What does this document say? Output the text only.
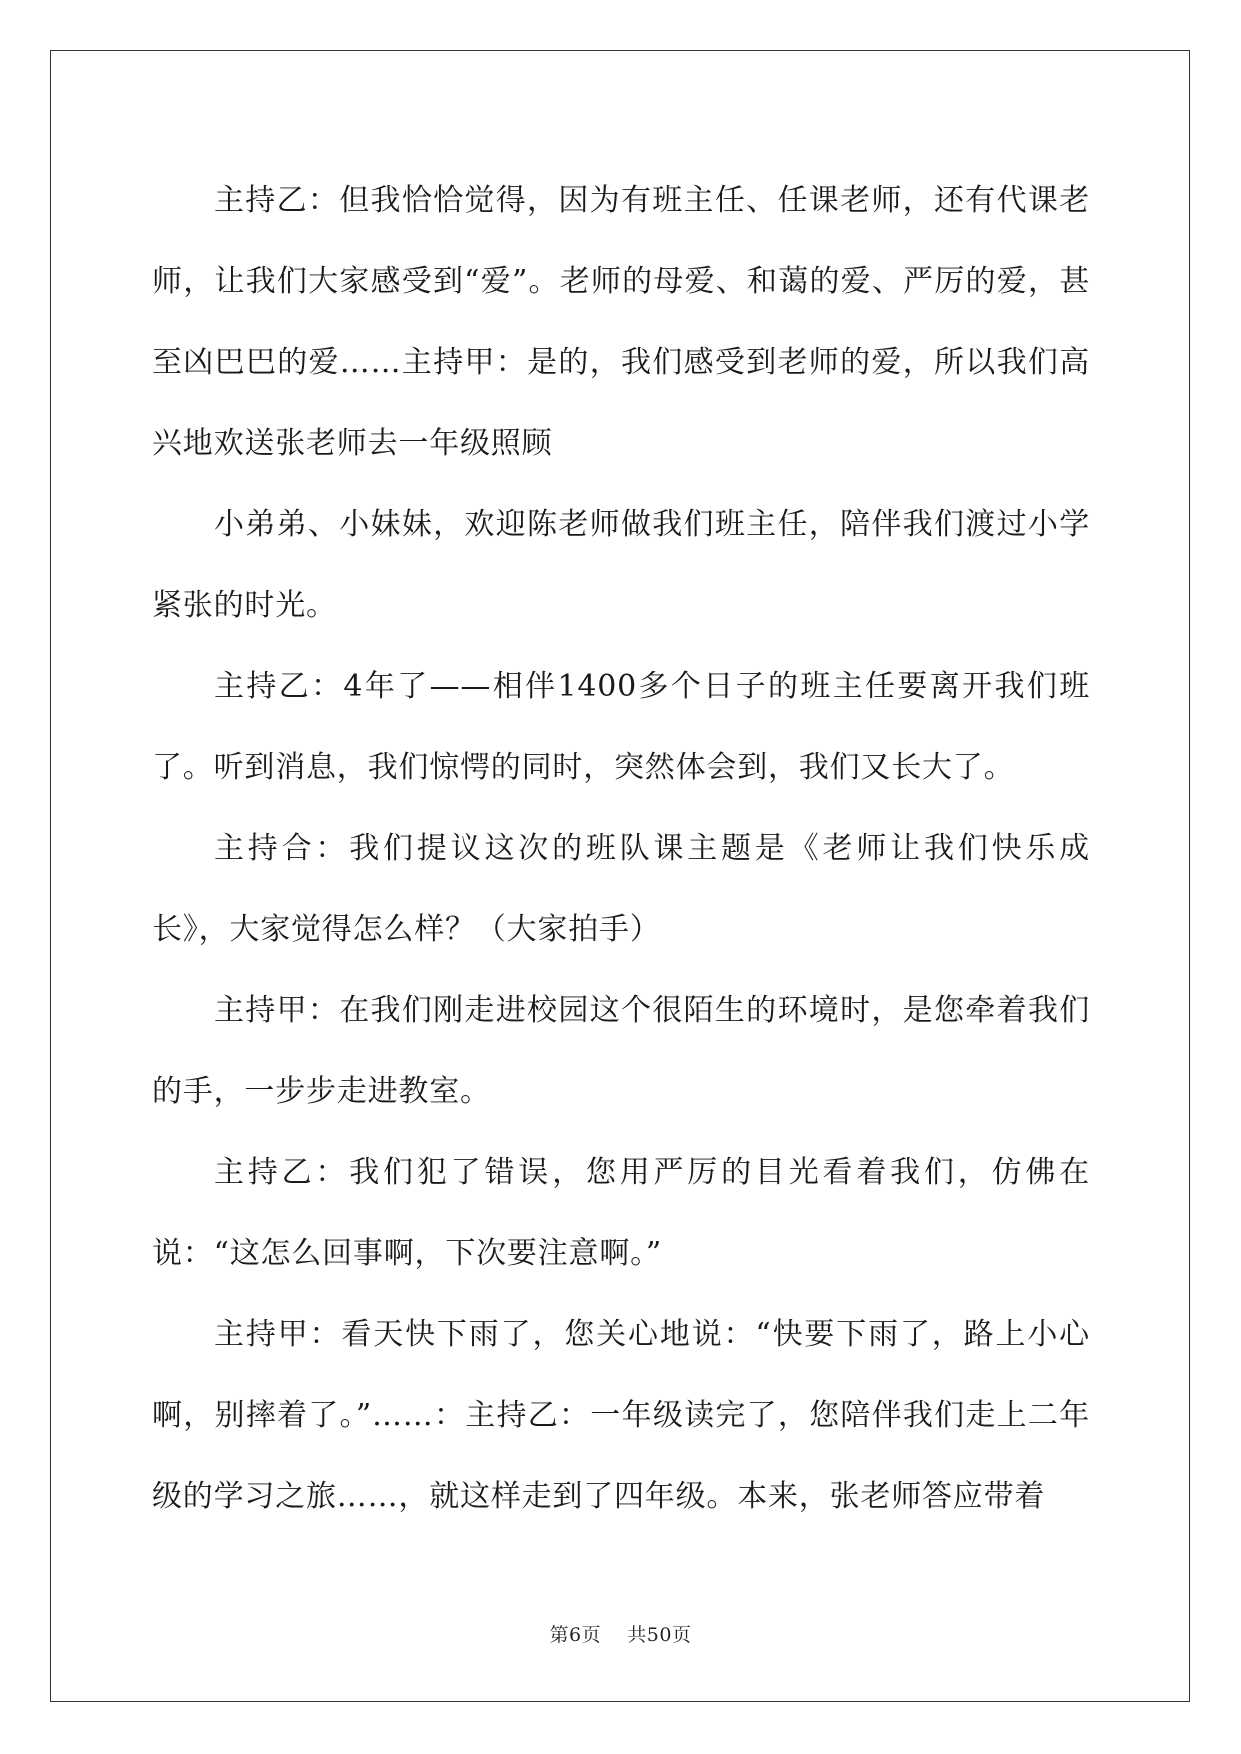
主持乙：但我恰恰觉得，因为有班主任、任课老师，还有代课老师，让我们大家感受到“爱”。老师的母爱、和蔼的爱、严厉的爱，甚至凶巴巴的爱……主持甲：是的，我们感受到老师的爱，所以我们高兴地欢送张老师去一年级照顾

小弟弟、小妹妹，欢迎陈老师做我们班主任，陪伴我们渡过小学紧张的时光。

主持乙：4年了——相伴1400多个日子的班主任要离开我们班了。听到消息，我们惊愕的同时，突然体会到，我们又长大了。

主持合：我们提议这次的班队课主题是《老师让我们快乐成长》，大家觉得怎么样？（大家拍手）

主持甲：在我们刚走进校园这个很陌生的环境时，是您牵着我们的手，一步步走进教室。

主持乙：我们犯了错误，您用严厉的目光看着我们，仿佛在说：“这怎么回事啊，下次要注意啊。”

主持甲：看天快下雨了，您关心地说：“快要下雨了，路上小心啊，别摔着了。”……：主持乙：一年级读完了，您陪伴我们走上二年级的学习之旅……，就这样走到了四年级。本来，张老师答应带着

第6页 共50页
